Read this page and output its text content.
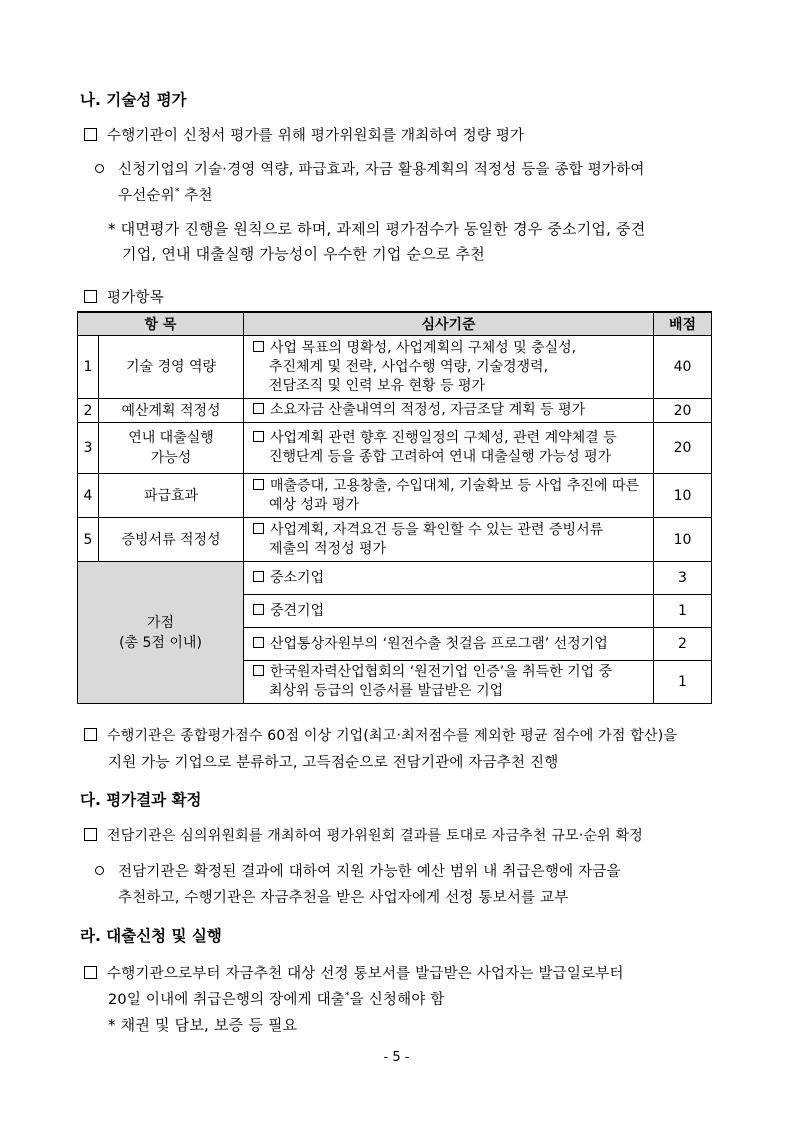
나. 기술성 평가
수행기관이 신청서 평가를 위해 평가위원회를 개최하여 정량 평가
신청기업의 기술‧경영 역량, 파급효과, 자금 활용계획의 적정성 등을 종합 평가하여
우선순위* 추천
* 대면평가 진행을 원칙으로 하며, 과제의 평가점수가 동일한 경우 중소기업, 중견
기업, 연내 대출실행 가능성이 우수한 기업 순으로 추천
평가항목
항 목		심사기준	배점
1	기술 경영 역량	사업 목표의 명확성, 사업계획의 구체성 및 충실성,
추진체계 및 전략, 사업수행 역량, 기술경쟁력,
전담조직 및 인력 보유 현황 등 평가	40
2	예산계획 적정성	소요자금 산출내역의 적정성, 자금조달 계획 등 평가	20
3	연내 대출실행
가능성	사업계획 관련 향후 진행일정의 구체성, 관련 계약체결 등
진행단계 등을 종합 고려하여 연내 대출실행 가능성 평가	20
4	파급효과	매출증대, 고용창출, 수입대체, 기술확보 등 사업 추진에 따른
예상 성과 평가	10
5	증빙서류 적정성	사업계획, 자격요건 등을 확인할 수 있는 관련 증빙서류
제출의 적정성 평가	10
가점
(총 5점 이내)		중소기업	3
		중견기업	1
		산업통상자원부의 ‘원전수출 첫걸음 프로그램’ 선정기업	2
		한국원자력산업협회의 ‘원전기업 인증’을 취득한 기업 중
최상위 등급의 인증서를 발급받은 기업	1
수행기관은 종합평가점수 60점 이상 기업(최고‧최저점수를 제외한 평균 점수에 가점 합산)을
지원 가능 기업으로 분류하고, 고득점순으로 전담기관에 자금추천 진행
다. 평가결과 확정
전담기관은 심의위원회를 개최하여 평가위원회 결과를 토대로 자금추천 규모‧순위 확정
전담기관은 확정된 결과에 대하여 지원 가능한 예산 범위 내 취급은행에 자금을
추천하고, 수행기관은 자금추천을 받은 사업자에게 선정 통보서를 교부
라. 대출신청 및 실행
수행기관으로부터 자금추천 대상 선정 통보서를 발급받은 사업자는 발급일로부터
20일 이내에 취급은행의 장에게 대출*을 신청해야 함
* 채권 및 담보, 보증 등 필요
- 5 -
